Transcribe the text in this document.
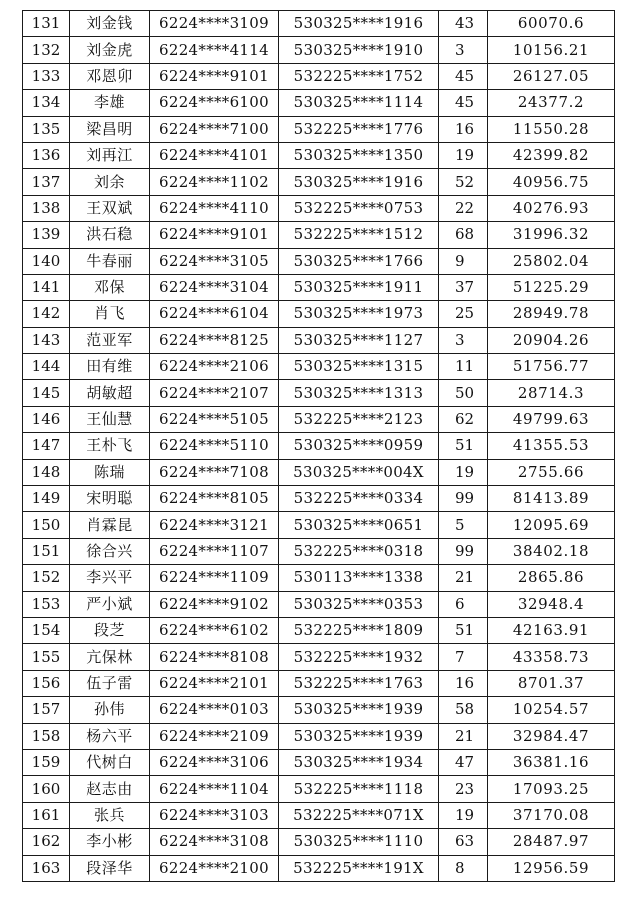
131	刘金钱	6224****3109	530325****1916	43	60070.6
132	刘金虎	6224****4114	530325****1910	3	10156.21
133	邓恩卯	6224****9101	532225****1752	45	26127.05
134	李雄	6224****6100	530325****1114	45	24377.2
135	梁昌明	6224****7100	532225****1776	16	11550.28
136	刘再江	6224****4101	530325****1350	19	42399.82
137	刘余	6224****1102	530325****1916	52	40956.75
138	王双斌	6224****4110	532225****0753	22	40276.93
139	洪石稳	6224****9101	532225****1512	68	31996.32
140	牛春丽	6224****3105	530325****1766	9	25802.04
141	邓保	6224****3104	530325****1911	37	51225.29
142	肖飞	6224****6104	530325****1973	25	28949.78
143	范亚军	6224****8125	530325****1127	3	20904.26
144	田有维	6224****2106	530325****1315	11	51756.77
145	胡敏超	6224****2107	530325****1313	50	28714.3
146	王仙慧	6224****5105	532225****2123	62	49799.63
147	王朴飞	6224****5110	530325****0959	51	41355.53
148	陈瑞	6224****7108	530325****004X	19	2755.66
149	宋明聪	6224****8105	532225****0334	99	81413.89
150	肖霖昆	6224****3121	530325****0651	5	12095.69
151	徐合兴	6224****1107	532225****0318	99	38402.18
152	李兴平	6224****1109	530113****1338	21	2865.86
153	严小斌	6224****9102	530325****0353	6	32948.4
154	段芝	6224****6102	532225****1809	51	42163.91
155	亢保林	6224****8108	532225****1932	7	43358.73
156	伍子雷	6224****2101	532225****1763	16	8701.37
157	孙伟	6224****0103	530325****1939	58	10254.57
158	杨六平	6224****2109	530325****1939	21	32984.47
159	代树白	6224****3106	530325****1934	47	36381.16
160	赵志由	6224****1104	532225****1118	23	17093.25
161	张兵	6224****3103	532225****071X	19	37170.08
162	李小彬	6224****3108	530325****1110	63	28487.97
163	段泽华	6224****2100	532225****191X	8	12956.59
